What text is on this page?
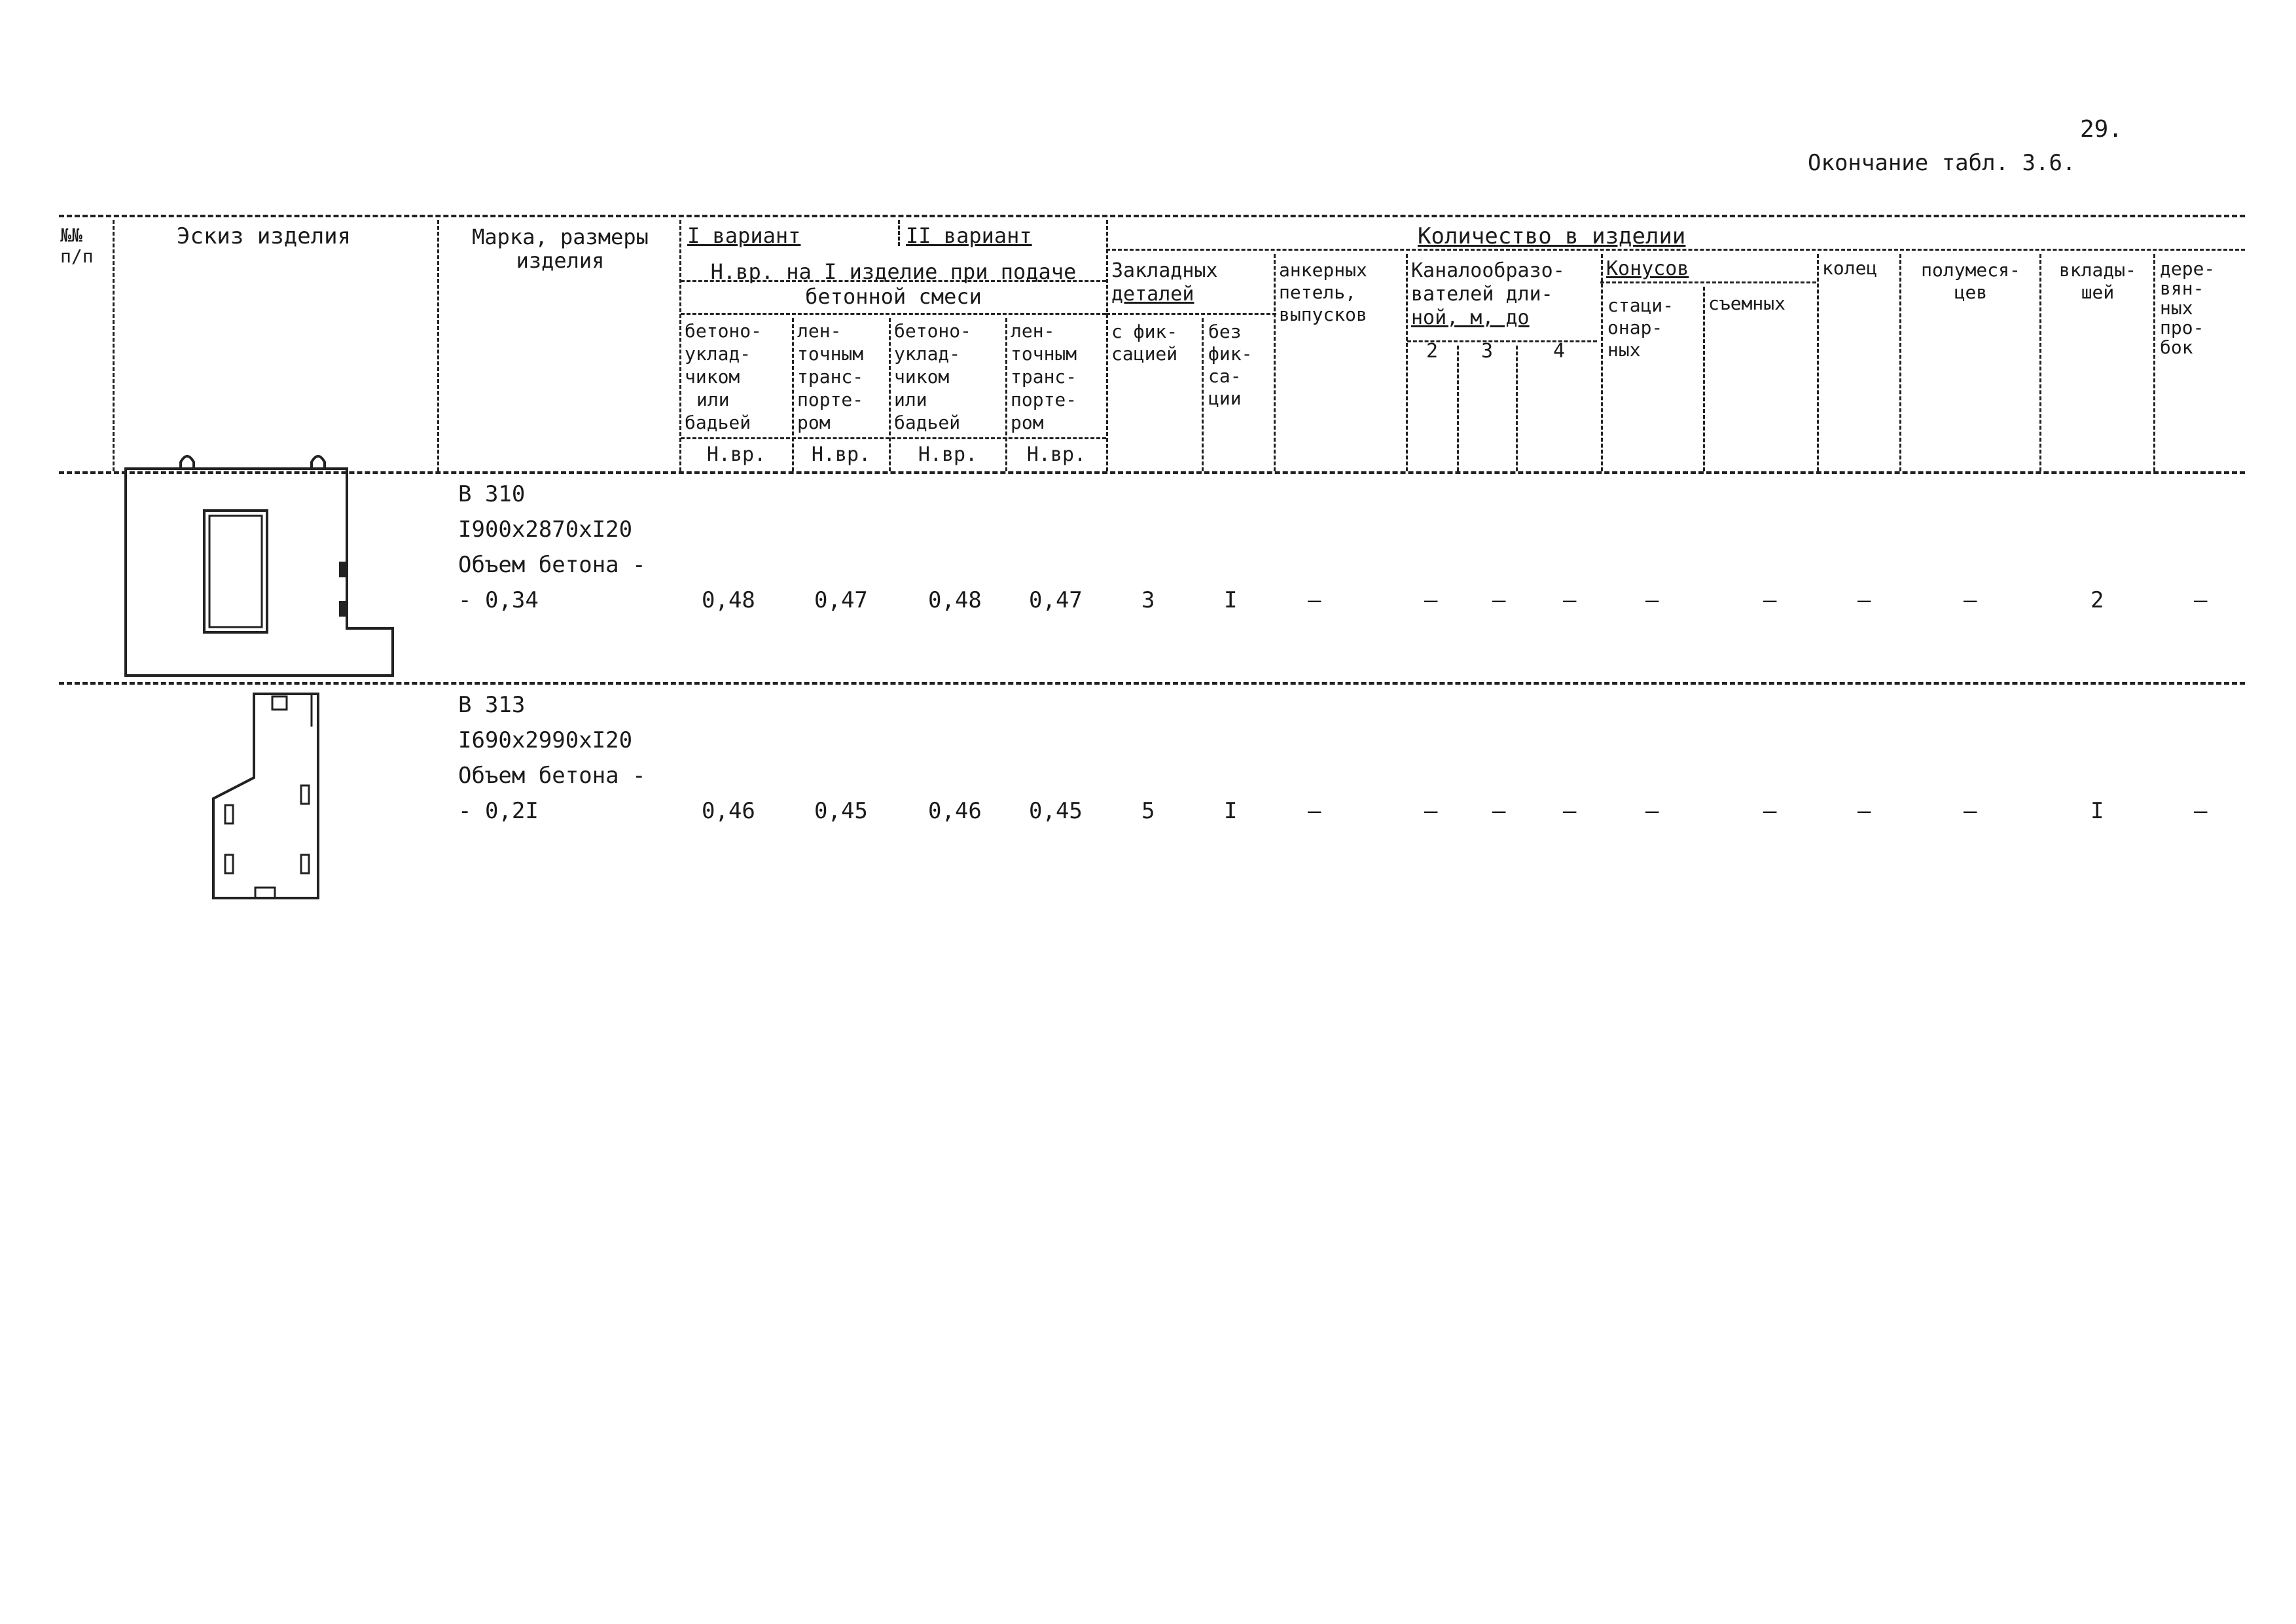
29.
Окончание табл. 3.6.
№№
п/п
Эскиз изделия	Марка, размеры
изделия
I вариант	II вариант
Н.вр. на I изделие при подаче
бетонной смеси
бетоно-
уклад-
чиком
или
бадьей
лен-
точным
транс-
порте-
ром
бетоно-
уклад-
чиком
или
бадьей
лен-
точным
транс-
порте-
ром
Н.вр.	Н.вр.	Н.вр.	Н.вр.
Количество в изделии
Закладных
деталей
с фик-
сацией
без
фик-
са-
ции
анкерных
петель,
выпусков
Каналообразо-
вателей дли-
ной, м, до
2	3	4
Конусов
стаци-
онар-
ных
съемных
колец	полумеся-
цев
вклады-
шей
дере-
вян-
ных
про-
бок
В 310
I900x2870xI20
Объем бетона -
- 0,34	0,48	0,47	0,48 0,47	3	I	–	– –	–	–	–	–	–	2	–
В 313
I690x2990xI20
Объем бетона -
- 0,2I	0,46	0,45	0,46 0,45	5	I	–	– –	–	–	–	–	–	I	–
